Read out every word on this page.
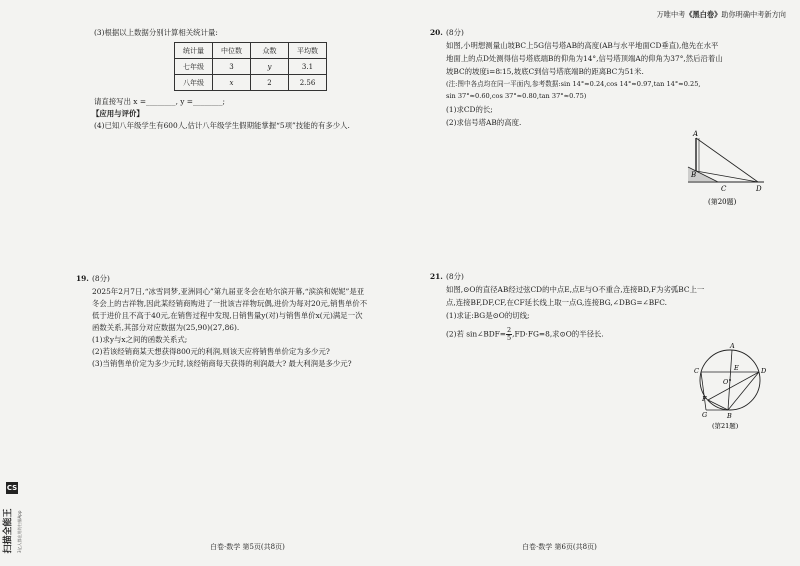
万唯中考《黑白卷》助你明确中考新方向
(3)根据以上数据分别计算相关统计量:
统计量	中位数	众数	平均数
七年级	3	y	3.1
八年级	x	2	2.56
请直接写出 x =________, y =________;
【应用与评价】
(4)已知八年级学生有600人,估计八年级学生假期能掌握“5项”技能的有多少人.
19. (8分)
2025年2月7日,“冰雪同梦,亚洲同心”第九届亚冬会在哈尔滨开幕,“滨滨和妮妮”是亚
冬会上的吉祥物,因此某经销商购进了一批该吉祥物玩偶,进价为每对20元,销售单价不
低于进价且不高于40元,在销售过程中发现,日销售量y(对)与销售单价x(元)满足一次
函数关系,其部分对应数据为(25,90)(27,86).
(1)求y与x之间的函数关系式;
(2)若该经销商某天想获得800元的利润,则该天应将销售单价定为多少元?
(3)当销售单价定为多少元时,该经销商每天获得的利润最大? 最大利润是多少元?
白卷·数学 第5页(共8页)
20. (8分)
如图,小明想测量山坡BC上5G信号塔AB的高度(AB与水平地面CD垂直),他先在水平
地面上的点D处测得信号塔底端B的仰角为14°,信号塔顶端A的仰角为37°,然后沿着山
坡BC的坡度i=8∶15,坡底C到信号塔底端B的距离BC为51米.
(注:图中各点均在同一平面内,参考数据:sin 14°≈0.24,cos 14°≈0.97,tan 14°≈0.25,
sin 37°≈0.60,cos 37°≈0.80,tan 37°≈0.75)
(1)求CD的长;
(2)求信号塔AB的高度.
A
B
C	D
(第20题)
21. (8分)
如图,⊙O的直径AB经过弦CD的中点E,点E与O不重合,连接BD,F为劣弧BC上一
点,连接BF,DF,CF,在CF延长线上取一点G,连接BG,∠DBG=∠BFC.
(1)求证:BG是⊙O的切线;
(2)若 sin∠BDF= $\frac{2}{5} ,FD\cdot FG=8$,求⊙O的半径长.
A
C	D
E
O
F
G	B
(第21题)
白卷·数学 第6页(共8页)
CS
扫描全能王 3亿人都在用的扫描App
